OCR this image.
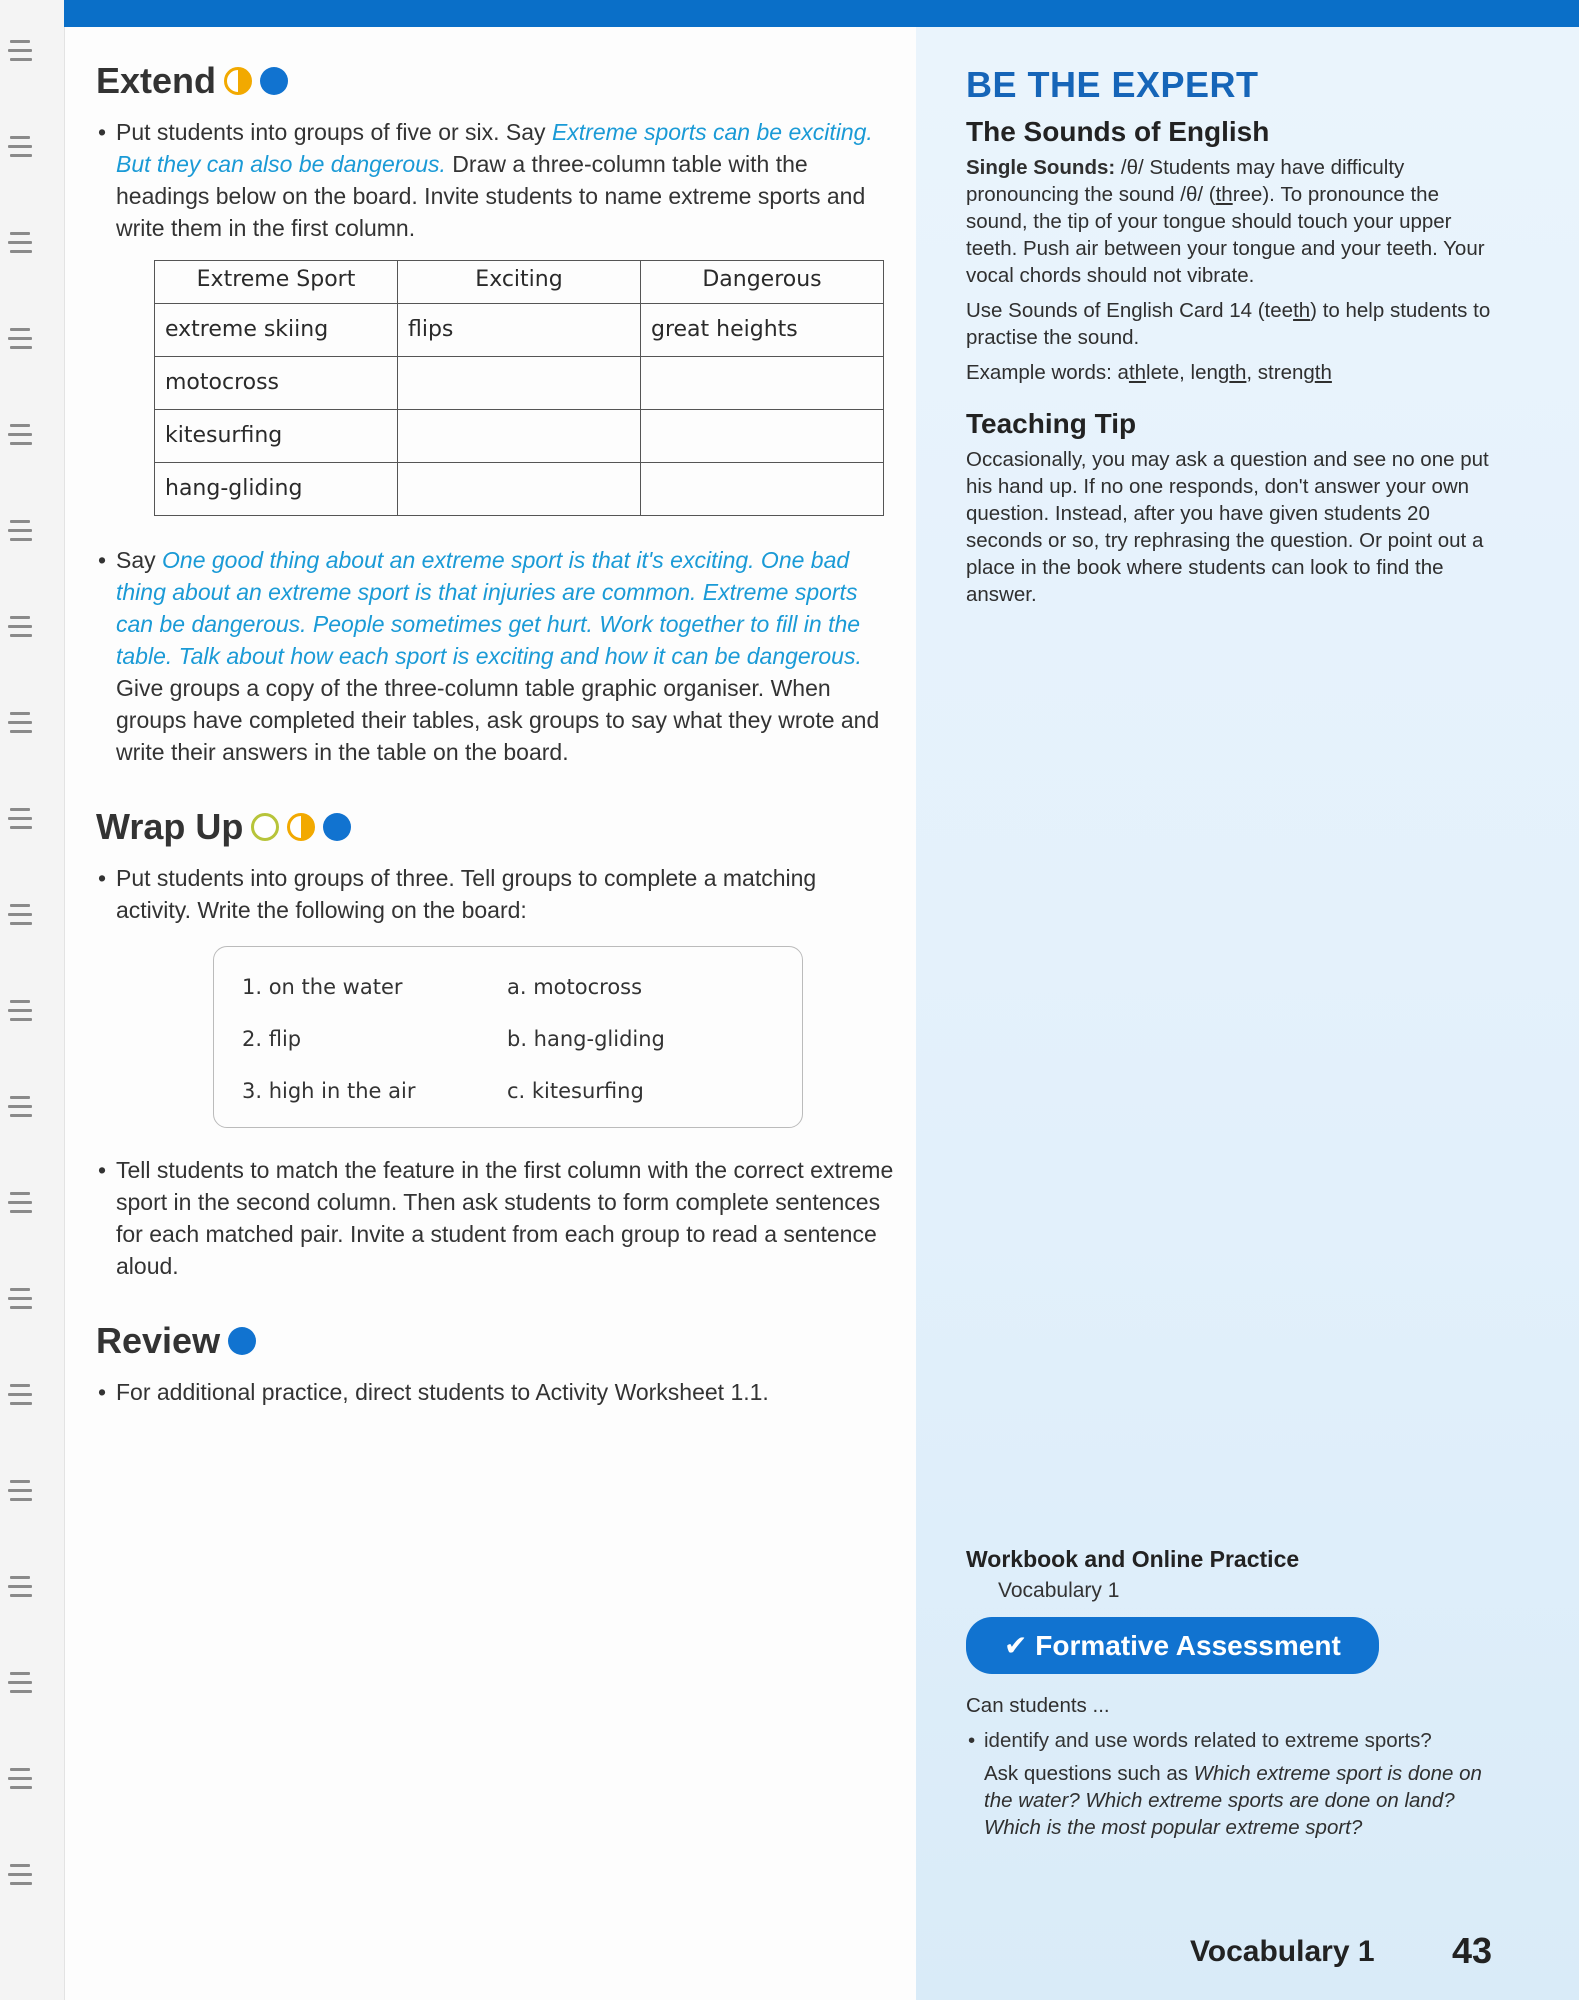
Extend
• Put students into groups of five or six. Say Extreme sports can be exciting. But they can also be dangerous. Draw a three-column table with the headings below on the board. Invite students to name extreme sports and write them in the first column.
Extreme Sport	Exciting	Dangerous
extreme skiing	flips	great heights
motocross		
kitesurfing		
hang-gliding		
• Say One good thing about an extreme sport is that it's exciting. One bad thing about an extreme sport is that injuries are common. Extreme sports can be dangerous. People sometimes get hurt. Work together to fill in the table. Talk about how each sport is exciting and how it can be dangerous. Give groups a copy of the three-column table graphic organiser. When groups have completed their tables, ask groups to say what they wrote and write their answers in the table on the board.
Wrap Up
• Put students into groups of three. Tell groups to complete a matching activity. Write the following on the board:
1. on the water	a. motocross
2. flip	b. hang-gliding
3. high in the air	c. kitesurfing
• Tell students to match the feature in the first column with the correct extreme sport in the second column. Then ask students to form complete sentences for each matched pair. Invite a student from each group to read a sentence aloud.
Review
• For additional practice, direct students to Activity Worksheet 1.1.
BE THE EXPERT
The Sounds of English

Single Sounds: /θ/ Students may have difficulty pronouncing the sound /θ/ (three). To pronounce the sound, the tip of your tongue should touch your upper teeth. Push air between your tongue and your teeth. Your vocal chords should not vibrate.

Use Sounds of English Card 14 (teeth) to help students to practise the sound.

Example words: athlete, length, strength

Teaching Tip

Occasionally, you may ask a question and see no one put his hand up. If no one responds, don't answer your own question. Instead, after you have given students 20 seconds or so, try rephrasing the question. Or point out a place in the book where students can look to find the answer.

Workbook and Online Practice
Vocabulary 1
✔ Formative Assessment

Can students ...

• identify and use words related to extreme sports?

Ask questions such as Which extreme sport is done on the water? Which extreme sports are done on land? Which is the most popular extreme sport?

Vocabulary 1 43
